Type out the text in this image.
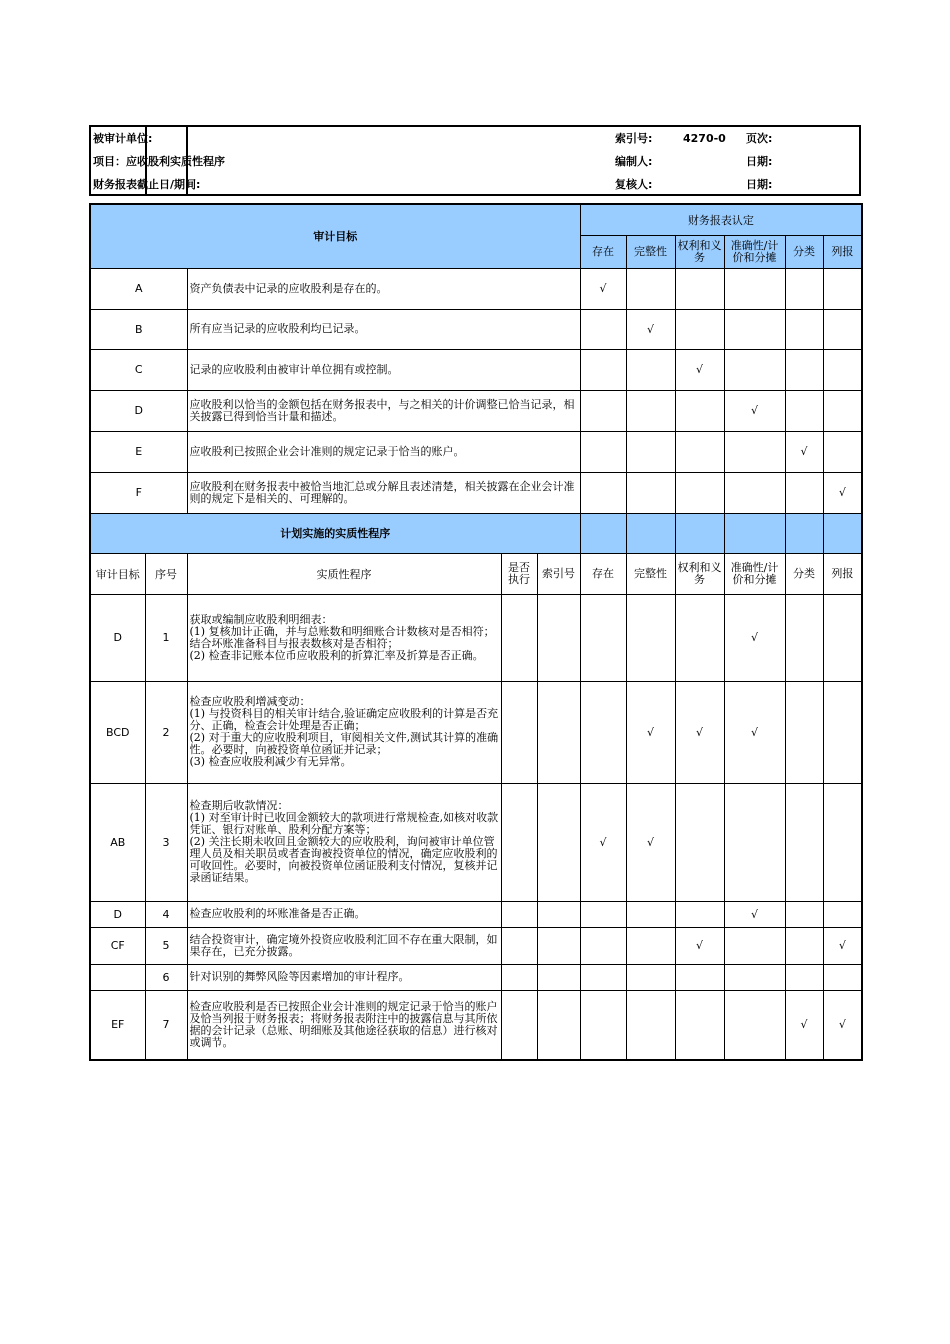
被审计单位:
项目：应收股利实质性程序
财务报表截止日/期间:
索引号:	4270-0 页次:
编制人:	日期:
复核人:	日期:
审计目标					财务报表认定					
					存在	完整性	权利和义务	准确性/计价和分摊	分类	列报
A		资产负债表中记录的应收股利是存在的。			√					
B		所有应当记录的应收股利均已记录。				√				
C		记录的应收股利由被审计单位拥有或控制。					√			
D		应收股利以恰当的金额包括在财务报表中，与之相关的计价调整已恰当记录，相关披露已得到恰当计量和描述。						√		
E		应收股利已按照企业会计准则的规定记录于恰当的账户。							√	
F		应收股利在财务报表中被恰当地汇总或分解且表述清楚，相关披露在企业会计准则的规定下是相关的、可理解的。								√
计划实施的实质性程序										
审计目标	序号	实质性程序	是否执行	索引号	存在	完整性	权利和义务	准确性/计价和分摊	分类	列报
D	1	获取或编制应收股利明细表：
(1) 复核加计正确，并与总账数和明细账合计数核对是否相符；结合坏账准备科目与报表数核对是否相符；
(2) 检查非记账本位币应收股利的折算汇率及折算是否正确。						√		
BCD	2	检查应收股利增减变动：
(1) 与投资科目的相关审计结合,验证确定应收股利的计算是否充分、正确，检查会计处理是否正确；
(2) 对于重大的应收股利项目，审阅相关文件,测试其计算的准确性。必要时，向被投资单位函证并记录；
(3) 检查应收股利减少有无异常。				√	√	√		
AB	3	检查期后收款情况：
(1) 对至审计时已收回金额较大的款项进行常规检查,如核对收款凭证、银行对账单、股利分配方案等；
(2) 关注长期未收回且金额较大的应收股利，询问被审计单位管理人员及相关职员或者查询被投资单位的情况，确定应收股利的可收回性。必要时，向被投资单位函证股利支付情况，复核并记录函证结果。			√	√				
D	4	检查应收股利的坏账准备是否正确。						√		
CF	5	结合投资审计，确定境外投资应收股利汇回不存在重大限制，如果存在，已充分披露。					√			√
	6	针对识别的舞弊风险等因素增加的审计程序。								

EF	7	检查应收股利是否已按照企业会计准则的规定记录于恰当的账户及恰当列报于财务报表；将财务报表附注中的披露信息与其所依据的会计记录（总账、明细账及其他途径获取的信息）进行核对或调节。							√	√
